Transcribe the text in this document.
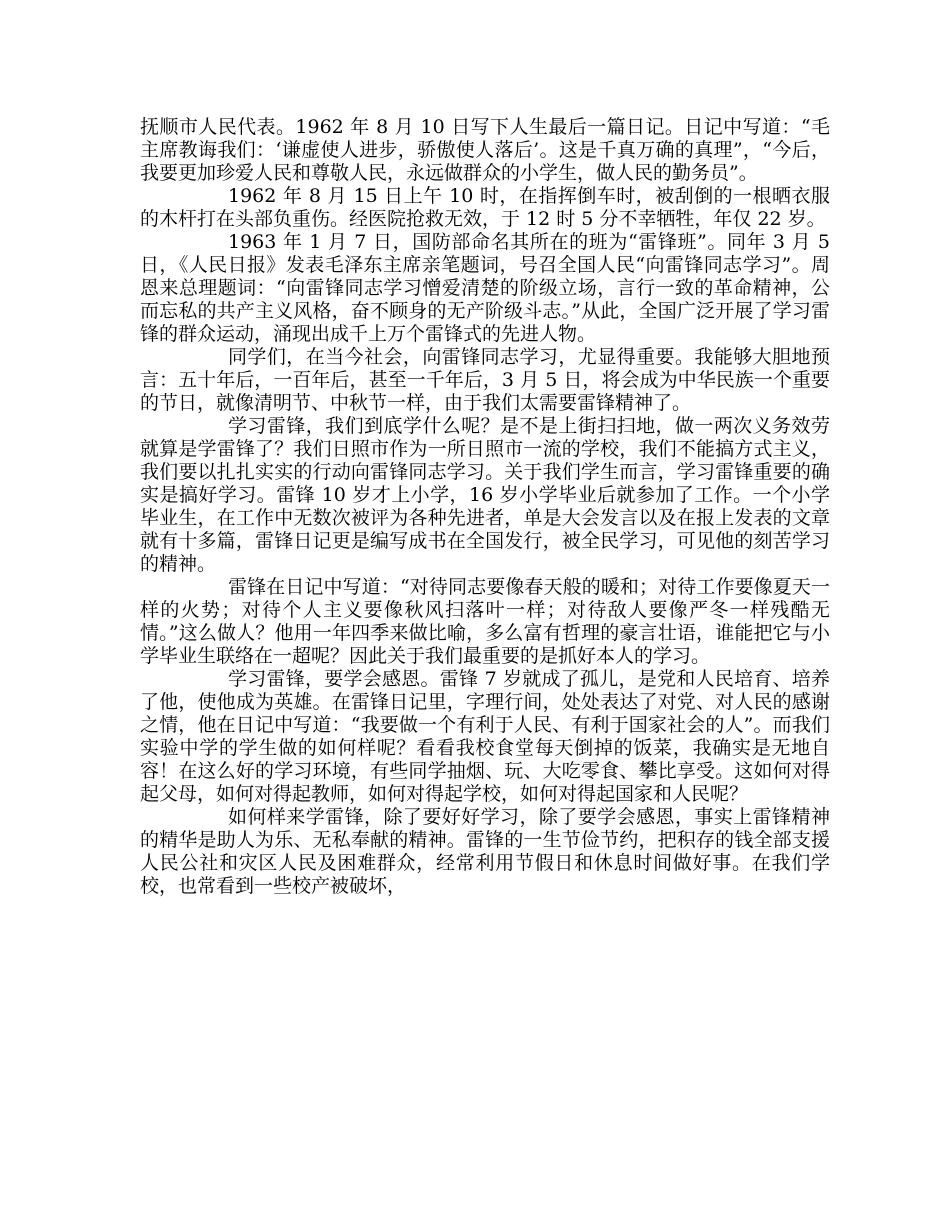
抚顺市人民代表。1962 年 8 月 10 日写下人生最后一篇日记。日记中写道：“毛主席教诲我们：‘谦虚使人进步，骄傲使人落后’。这是千真万确的真理”，“今后，我要更加珍爱人民和尊敬人民，永远做群众的小学生，做人民的勤务员”。

1962 年 8 月 15 日上午 10 时，在指挥倒车时，被刮倒的一根晒衣服的木杆打在头部负重伤。经医院抢救无效，于 12 时 5 分不幸牺牲，年仅 22 岁。

1963 年 1 月 7 日，国防部命名其所在的班为“雷锋班”。同年 3 月 5 日，《人民日报》发表毛泽东主席亲笔题词，号召全国人民“向雷锋同志学习”。周恩来总理题词：“向雷锋同志学习憎爱清楚的阶级立场，言行一致的革命精神，公而忘私的共产主义风格，奋不顾身的无产阶级斗志。”从此，全国广泛开展了学习雷锋的群众运动，涌现出成千上万个雷锋式的先进人物。

同学们，在当今社会，向雷锋同志学习，尤显得重要。我能够大胆地预言：五十年后，一百年后，甚至一千年后，3 月 5 日，将会成为中华民族一个重要的节日，就像清明节、中秋节一样，由于我们太需要雷锋精神了。

学习雷锋，我们到底学什么呢？是不是上街扫扫地，做一两次义务效劳就算是学雷锋了？我们日照市作为一所日照市一流的学校，我们不能搞方式主义，我们要以扎扎实实的行动向雷锋同志学习。关于我们学生而言，学习雷锋重要的确实是搞好学习。雷锋 10 岁才上小学，16 岁小学毕业后就参加了工作。一个小学毕业生，在工作中无数次被评为各种先进者，单是大会发言以及在报上发表的文章就有十多篇，雷锋日记更是编写成书在全国发行，被全民学习，可见他的刻苦学习的精神。

雷锋在日记中写道：“对待同志要像春天般的暖和；对待工作要像夏天一样的火势；对待个人主义要像秋风扫落叶一样；对待敌人要像严冬一样残酷无情。”这么做人？他用一年四季来做比喻，多么富有哲理的豪言壮语，谁能把它与小学毕业生联络在一超呢？因此关于我们最重要的是抓好本人的学习。

学习雷锋，要学会感恩。雷锋 7 岁就成了孤儿，是党和人民培育、培养了他，使他成为英雄。在雷锋日记里，字理行间，处处表达了对党、对人民的感谢之情，他在日记中写道：“我要做一个有利于人民、有利于国家社会的人”。而我们实验中学的学生做的如何样呢？看看我校食堂每天倒掉的饭菜，我确实是无地自容！在这么好的学习环境，有些同学抽烟、玩、大吃零食、攀比享受。这如何对得起父母，如何对得起教师，如何对得起学校，如何对得起国家和人民呢？

如何样来学雷锋，除了要好好学习，除了要学会感恩，事实上雷锋精神的精华是助人为乐、无私奉献的精神。雷锋的一生节俭节约，把积存的钱全部支援人民公社和灾区人民及困难群众，经常利用节假日和休息时间做好事。在我们学校，也常看到一些校产被破坏，
